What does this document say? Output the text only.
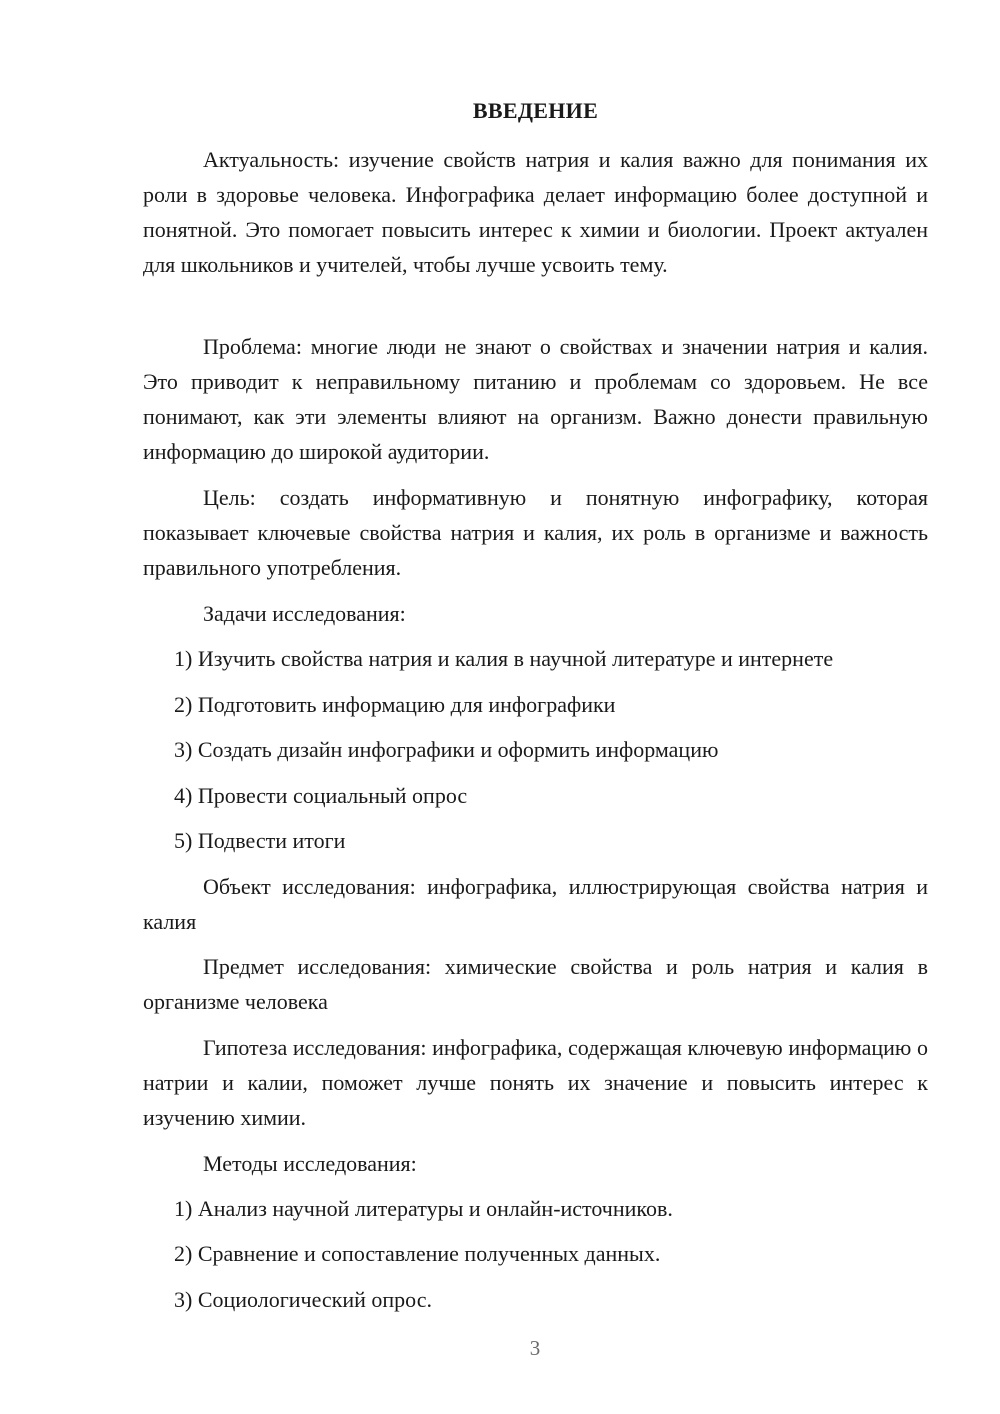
ВВЕДЕНИЕ

Актуальность: изучение свойств натрия и калия важно для понимания их роли в здоровье человека. Инфографика делает информацию более доступной и понятной. Это помогает повысить интерес к химии и биологии. Проект актуален для школьников и учителей, чтобы лучше усвоить тему.

Проблема: многие люди не знают о свойствах и значении натрия и калия. Это приводит к неправильному питанию и проблемам со здоровьем. Не все понимают, как эти элементы влияют на организм. Важно донести правильную информацию до широкой аудитории.

Цель: создать информативную и понятную инфографику, которая показывает ключевые свойства натрия и калия, их роль в организме и важность правильного употребления.

Задачи исследования:

1) Изучить свойства натрия и калия в научной литературе и интернете

2) Подготовить информацию для инфографики

3) Создать дизайн инфографики и оформить информацию

4) Провести социальный опрос

5) Подвести итоги

Объект исследования: инфографика, иллюстрирующая свойства натрия и калия

Предмет исследования: химические свойства и роль натрия и калия в организме человека

Гипотеза исследования: инфографика, содержащая ключевую информацию о натрии и калии, поможет лучше понять их значение и повысить интерес к изучению химии.

Методы исследования:

1) Анализ научной литературы и онлайн-источников.

2) Сравнение и сопоставление полученных данных.

3) Социологический опрос.

3
